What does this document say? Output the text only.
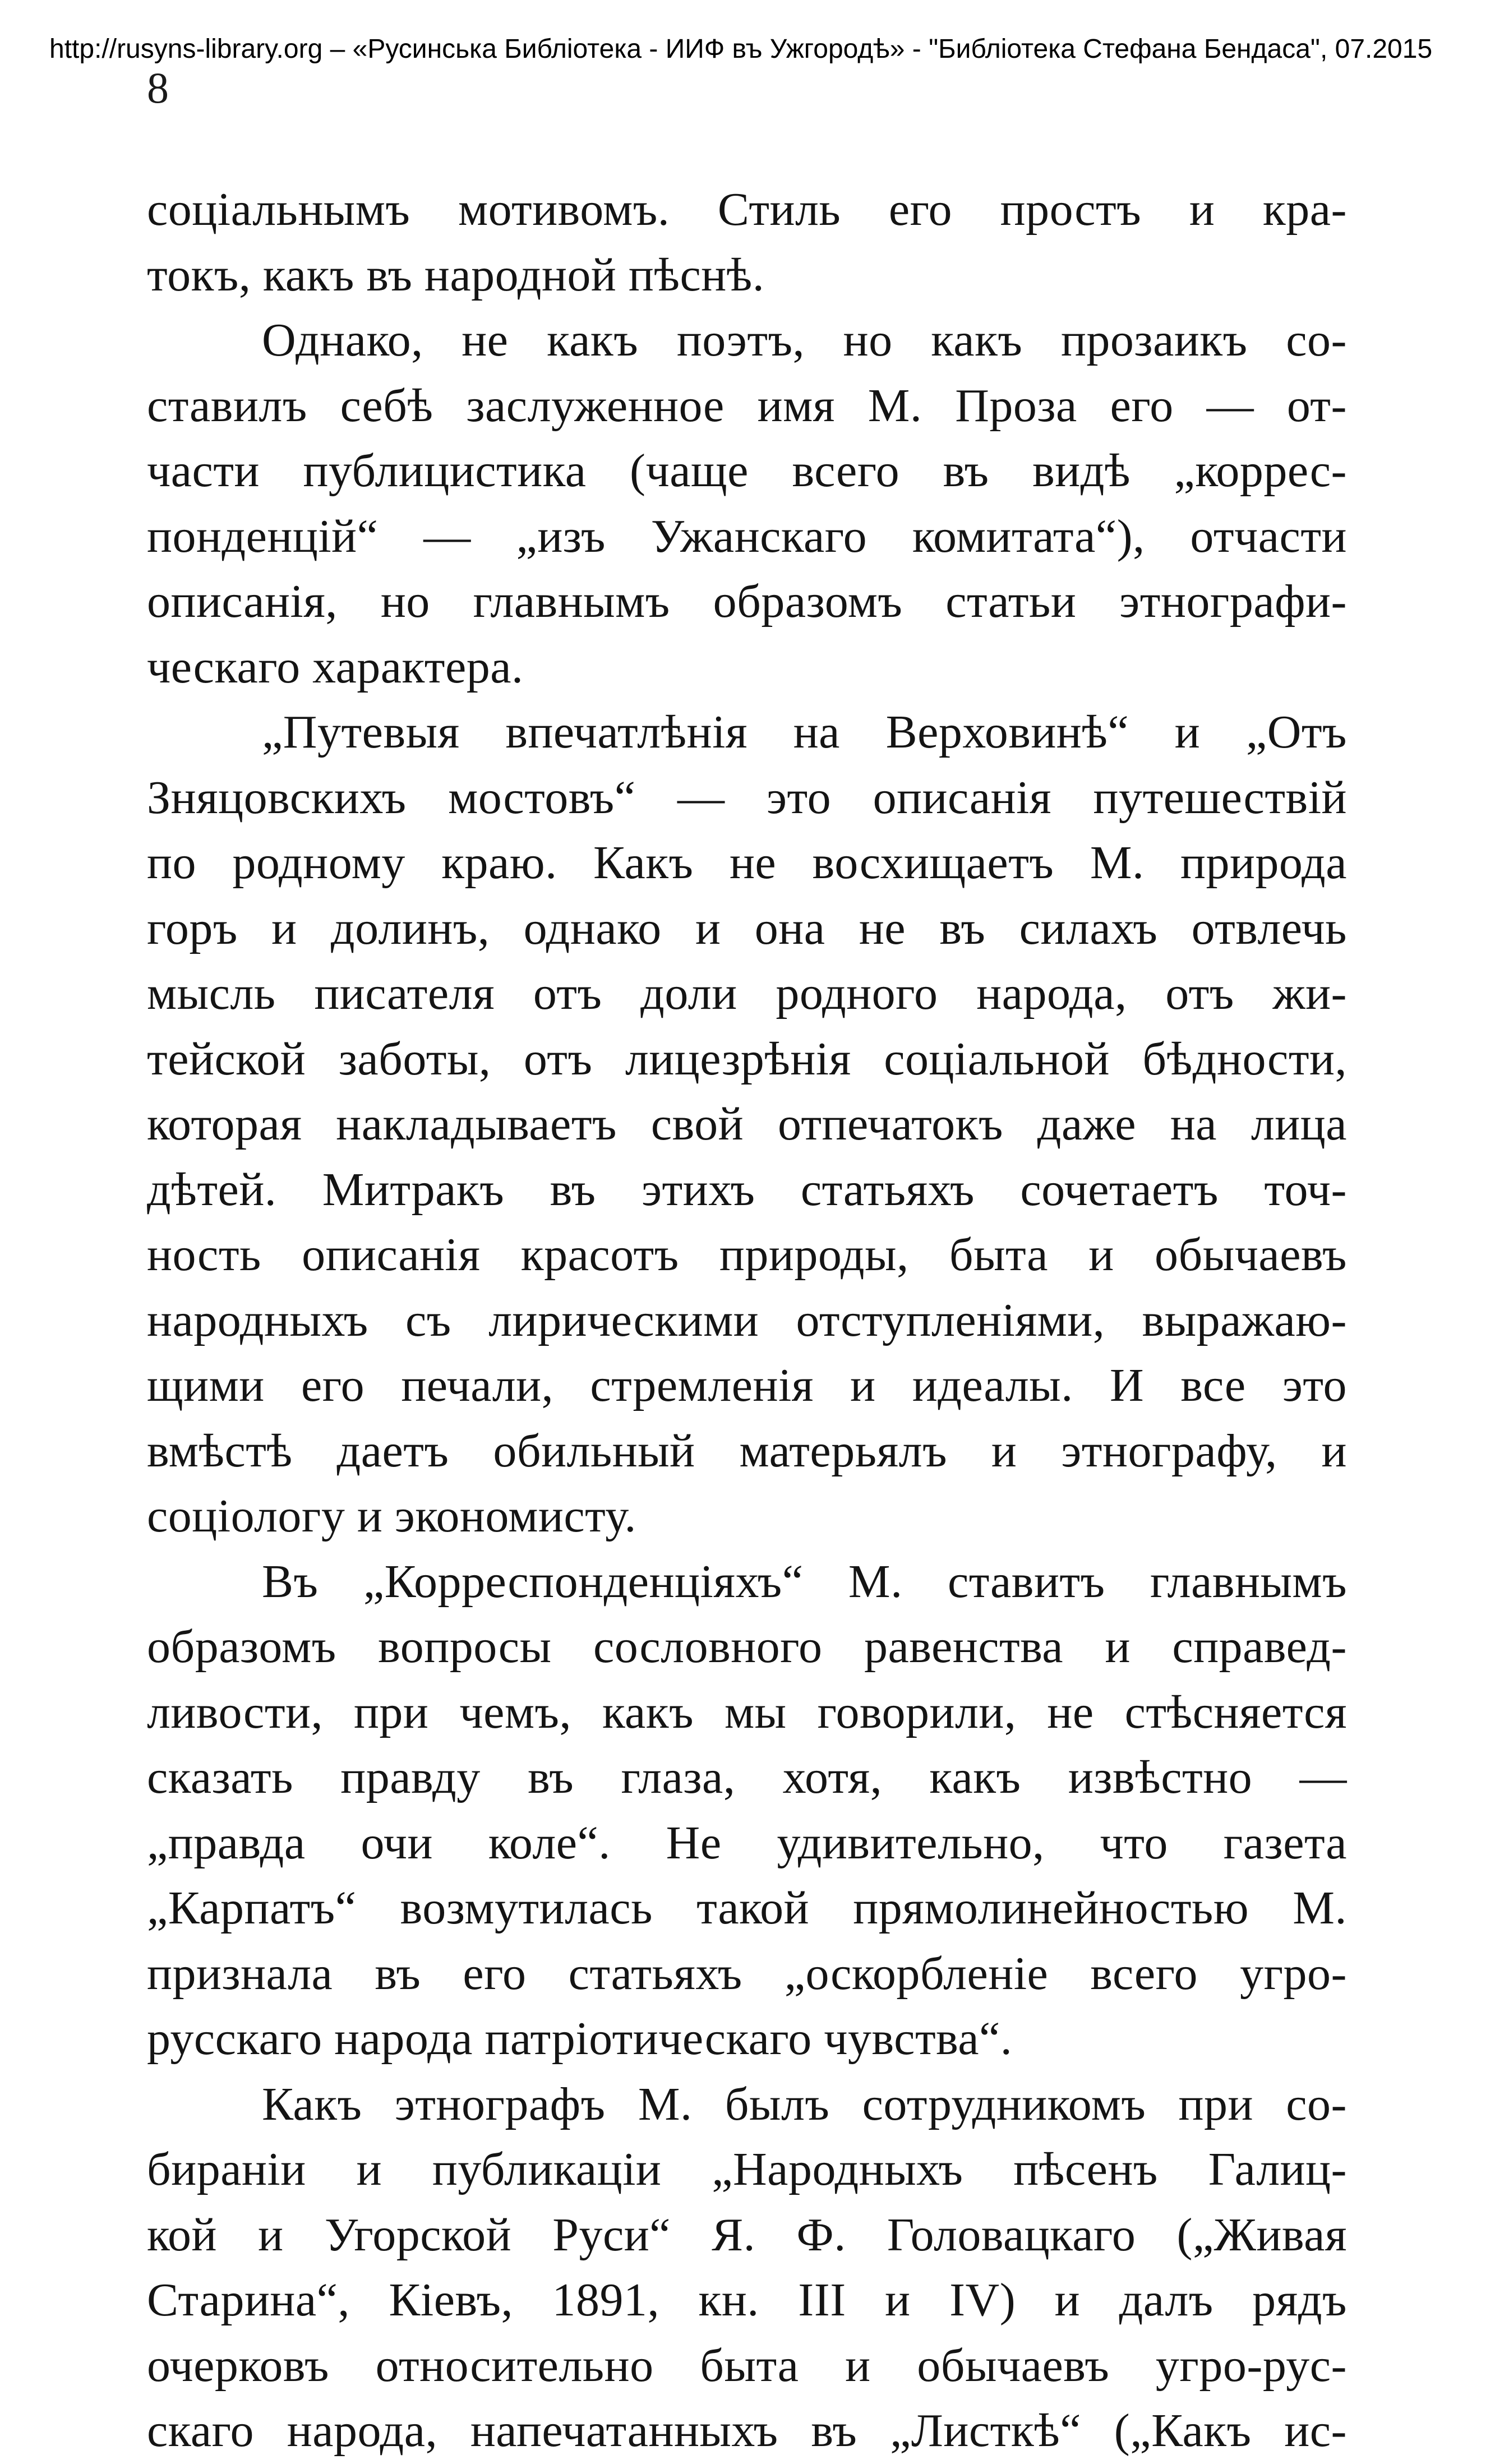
http://rusyns-library.org – «Русинська Библіотека - ИИФ въ Ужгородѣ» - "Библіотека Стефана Бендаса", 07.2015
8
соціальнымъ мотивомъ. Стиль его простъ и кра-
токъ, какъ въ народной пѣснѣ.
Однако, не какъ поэтъ, но какъ прозаикъ со-
ставилъ себѣ заслуженное имя М. Проза его — от-
части публицистика (чаще всего въ видѣ „коррес-
понденцій“ — „изъ Ужанскаго комитата“), отчасти
описанія, но главнымъ образомъ статьи этнографи-
ческаго характера.
„Путевыя впечатлѣнія на Верховинѣ“ и „Отъ
Зняцовскихъ мостовъ“ — это описанія путешествій
по родному краю. Какъ не восхищаетъ М. природа
горъ и долинъ, однако и она не въ силахъ отвлечь
мысль писателя отъ доли родного народа, отъ жи-
тейской заботы, отъ лицезрѣнія соціальной бѣдности,
которая накладываетъ свой отпечатокъ даже на лица
дѣтей. Митракъ въ этихъ статьяхъ сочетаетъ точ-
ность описанія красотъ природы, быта и обычаевъ
народныхъ съ лирическими отступленіями, выражаю-
щими его печали, стремленія и идеалы. И все это
вмѣстѣ даетъ обильный матерьялъ и этнографу, и
соціологу и экономисту.
Въ „Корреспонденціяхъ“ М. ставитъ главнымъ
образомъ вопросы сословного равенства и справед-
ливости, при чемъ, какъ мы говорили, не стѣсняется
сказать правду въ глаза, хотя, какъ извѣстно —
„правда очи коле“. Не удивительно, что газета
„Карпатъ“ возмутилась такой прямолинейностью М.
признала въ его статьяхъ „оскорбленіе всего угро-
русскаго народа патріотическаго чувства“.
Какъ этнографъ М. былъ сотрудникомъ при со-
бираніи и публикаціи „Народныхъ пѣсенъ Галиц-
кой и Угорской Руси“ Я. Ф. Головацкаго („Живая
Старина“, Кіевъ, 1891, кн. III и IV) и далъ рядъ
очерковъ относительно быта и обычаевъ угро-рус-
скаго народа, напечатанныхъ въ „Листкѣ“ („Какъ ис-
